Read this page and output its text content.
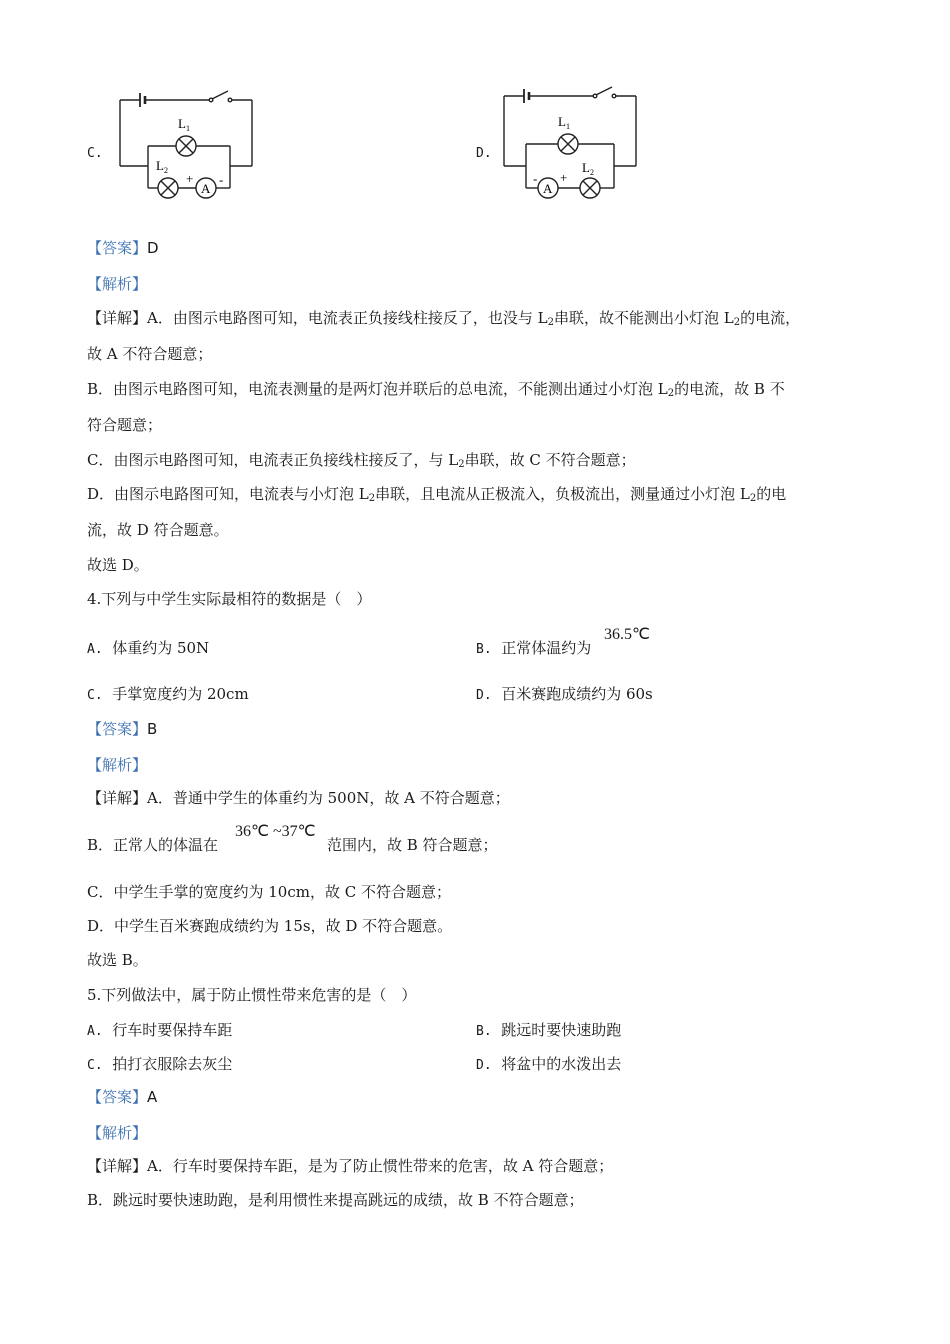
C.
$L_1$
$L_2$
A
+ -
D.
$L_1$
A
- +
$L_2$
【答案】D
【解析】
【详解】A．由图示电路图可知，电流表正负接线柱接反了，也没与 $L_2$串联，故不能测出小灯泡 $L_2$的电流，
故 A 不符合题意；
B．由图示电路图可知，电流表测量的是两灯泡并联后的总电流，不能测出通过小灯泡 $L_2$的电流，故 B 不
符合题意；
C．由图示电路图可知，电流表正负接线柱接反了，与 $L_2$串联，故 C 不符合题意；
D．由图示电路图可知，电流表与小灯泡 $L_2$串联，且电流从正极流入，负极流出，测量通过小灯泡 $L_2$的电
流，故 D 符合题意。
故选 D。
4.下列与中学生实际最相符的数据是（　）
A. 体重约为 50N	B. 正常体温约为
36.5℃
C. 手掌宽度约为 20cm	D. 百米赛跑成绩约为 60s
【答案】B
【解析】
【详解】A．普通中学生的体重约为 500N，故 A 不符合题意；
B．正常人的体温在
36℃ ~37℃
范围内，故 B 符合题意；
C．中学生手掌的宽度约为 10cm，故 C 不符合题意；
D．中学生百米赛跑成绩约为 15s，故 D 不符合题意。
故选 B。
5.下列做法中，属于防止惯性带来危害的是（　）
A. 行车时要保持车距	B. 跳远时要快速助跑
C. 拍打衣服除去灰尘	D. 将盆中的水泼出去
【答案】A
【解析】
【详解】A．行车时要保持车距，是为了防止惯性带来的危害，故 A 符合题意；
B．跳远时要快速助跑，是利用惯性来提高跳远的成绩，故 B 不符合题意；
